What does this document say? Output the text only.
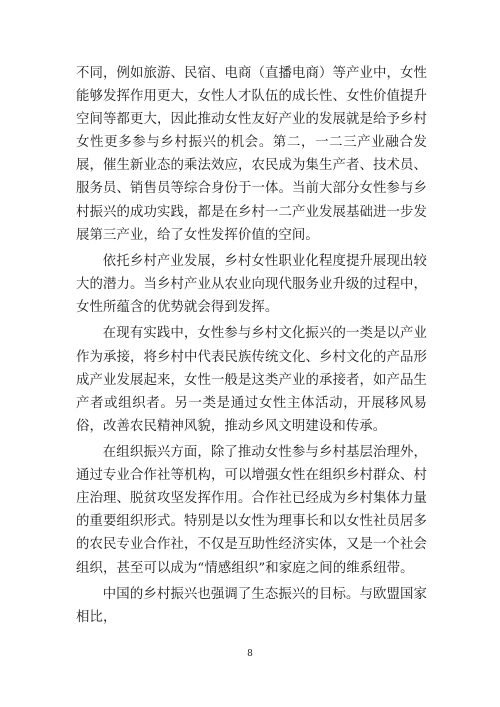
不同，例如旅游、民宿、电商（直播电商）等产业中，女性能够发挥作用更大，女性人才队伍的成长性、女性价值提升空间等都更大，因此推动女性友好产业的发展就是给予乡村女性更多参与乡村振兴的机会。第二，一二三产业融合发展，催生新业态的乘法效应，农民成为集生产者、技术员、服务员、销售员等综合身份于一体。当前大部分女性参与乡村振兴的成功实践，都是在乡村一二产业发展基础进一步发展第三产业，给了女性发挥价值的空间。

依托乡村产业发展，乡村女性职业化程度提升展现出较大的潜力。当乡村产业从农业向现代服务业升级的过程中，女性所蕴含的优势就会得到发挥。

在现有实践中，女性参与乡村文化振兴的一类是以产业作为承接，将乡村中代表民族传统文化、乡村文化的产品形成产业发展起来，女性一般是这类产业的承接者，如产品生产者或组织者。另一类是通过女性主体活动，开展移风易俗，改善农民精神风貌，推动乡风文明建设和传承。

在组织振兴方面，除了推动女性参与乡村基层治理外，通过专业合作社等机构，可以增强女性在组织乡村群众、村庄治理、脱贫攻坚发挥作用。合作社已经成为乡村集体力量的重要组织形式。特别是以女性为理事长和以女性社员居多的农民专业合作社，不仅是互助性经济实体，又是一个社会组织，甚至可以成为“情感组织”和家庭之间的维系纽带。

中国的乡村振兴也强调了生态振兴的目标。与欧盟国家相比，

8
